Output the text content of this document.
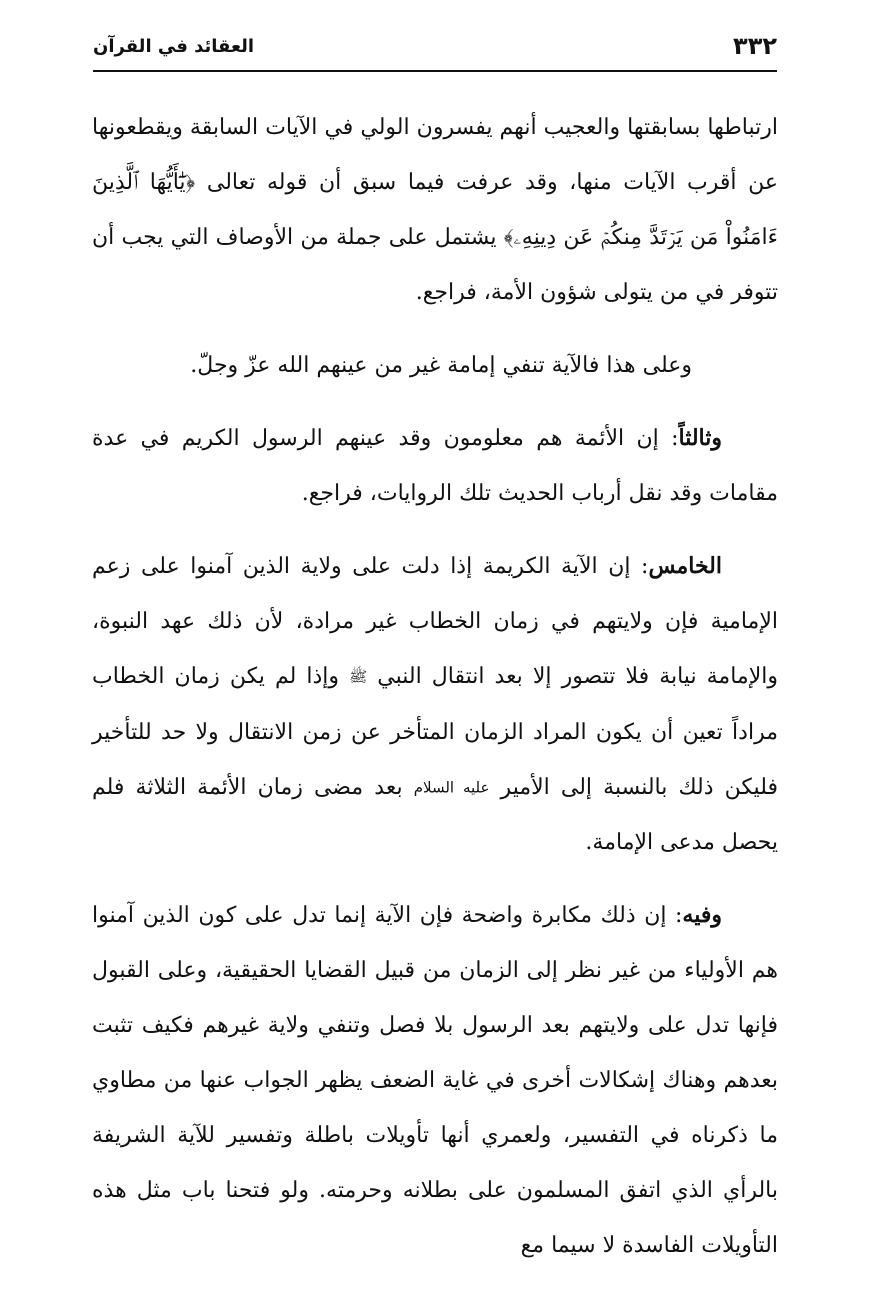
٣٣٢
العقائد في القرآن

ارتباطها بسابقتها والعجيب أنهم يفسرون الولي في الآيات السابقة ويقطعونها عن أقرب الآيات منها، وقد عرفت فيما سبق أن قوله تعالى ﴿يَٰٓأَيُّهَا ٱلَّذِينَ ءَامَنُواْ مَن يَرۡتَدَّ مِنكُمۡ عَن دِينِهِۦ﴾ يشتمل على جملة من الأوصاف التي يجب أن تتوفر في من يتولى شؤون الأمة، فراجع.

وعلى هذا فالآية تنفي إمامة غير من عينهم الله عزّ وجلّ.

وثالثاً: إن الأئمة هم معلومون وقد عينهم الرسول الكريم في عدة مقامات وقد نقل أرباب الحديث تلك الروايات، فراجع.

الخامس: إن الآية الكريمة إذا دلت على ولاية الذين آمنوا على زعم الإمامية فإن ولايتهم في زمان الخطاب غير مرادة، لأن ذلك عهد النبوة، والإمامة نيابة فلا تتصور إلا بعد انتقال النبي ﷺ وإذا لم يكن زمان الخطاب مراداً تعين أن يكون المراد الزمان المتأخر عن زمن الانتقال ولا حد للتأخير فليكن ذلك بالنسبة إلى الأمير عليه السلام بعد مضى زمان الأئمة الثلاثة فلم يحصل مدعى الإمامة.

وفيه: إن ذلك مكابرة واضحة فإن الآية إنما تدل على كون الذين آمنوا هم الأولياء من غير نظر إلى الزمان من قبيل القضايا الحقيقية، وعلى القبول فإنها تدل على ولايتهم بعد الرسول بلا فصل وتنفي ولاية غيرهم فكيف تثبت بعدهم وهناك إشكالات أخرى في غاية الضعف يظهر الجواب عنها من مطاوي ما ذكرناه في التفسير، ولعمري أنها تأويلات باطلة وتفسير للآية الشريفة بالرأي الذي اتفق المسلمون على بطلانه وحرمته. ولو فتحنا باب مثل هذه التأويلات الفاسدة لا سيما مع
